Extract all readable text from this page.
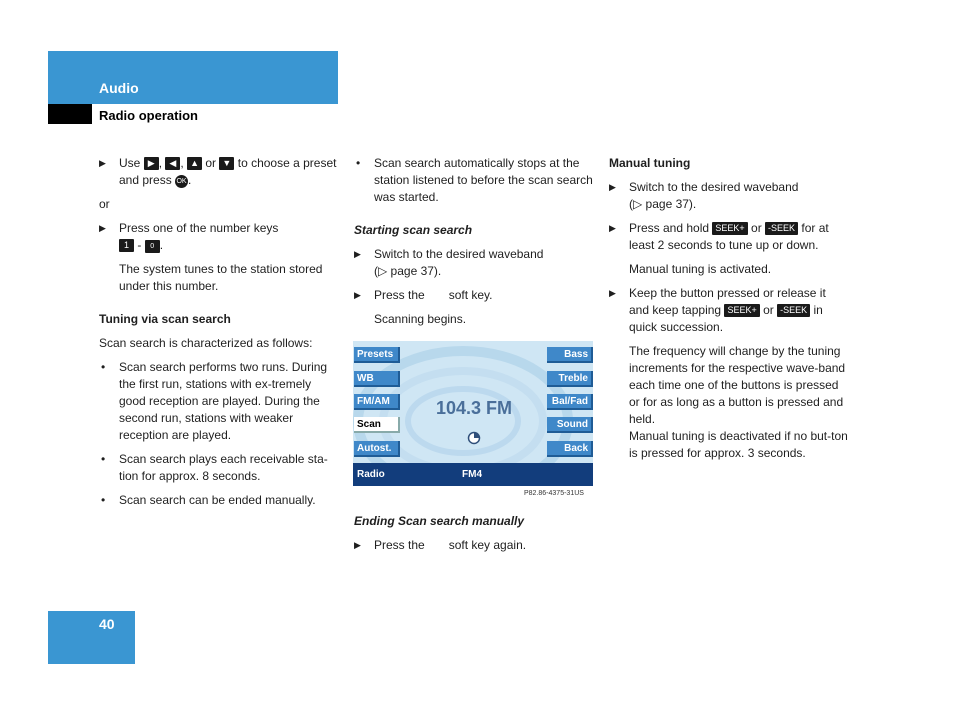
Audio
Radio operation
▶ Use ▶ , ◀ , ▲ or ▼ to choose a preset and press OK.

or

▶ Press one of the number keys
1 - 0 .

The system tunes to the station stored under this number.

Tuning via scan search

Scan search is characterized as follows:

• Scan search performs two runs. During the first run, stations with ex-tremely good reception are played. During the second run, stations with weaker reception are played.
• Scan search plays each receivable sta-tion for approx. 8 seconds.
• Scan search can be ended manually.
• Scan search automatically stops at the station listened to before the scan search was started.

Starting scan search

▶ Switch to the desired waveband
(▷ page 37).
▶ Press the soft key.

Scanning begins.

Presets
WB
FM/AM
Scan
Autost.
Bass
Treble
Bal/Fad
Sound
Back
104.3 FM
Radio	FM4
P82.86-4375-31US

Ending Scan search manually

▶ Press the soft key again.

Manual tuning

▶ Switch to the desired waveband
(▷ page 37).
▶ Press and hold SEEK+ or -SEEK for at least 2 seconds to tune up or down.

Manual tuning is activated.

▶ Keep the button pressed or release it and keep tapping SEEK+ or -SEEK in quick succession.

The frequency will change by the tuning increments for the respective wave-band each time one of the buttons is pressed or for as long as a button is pressed and held.

Manual tuning is deactivated if no but-ton is pressed for approx. 3 seconds.

40
